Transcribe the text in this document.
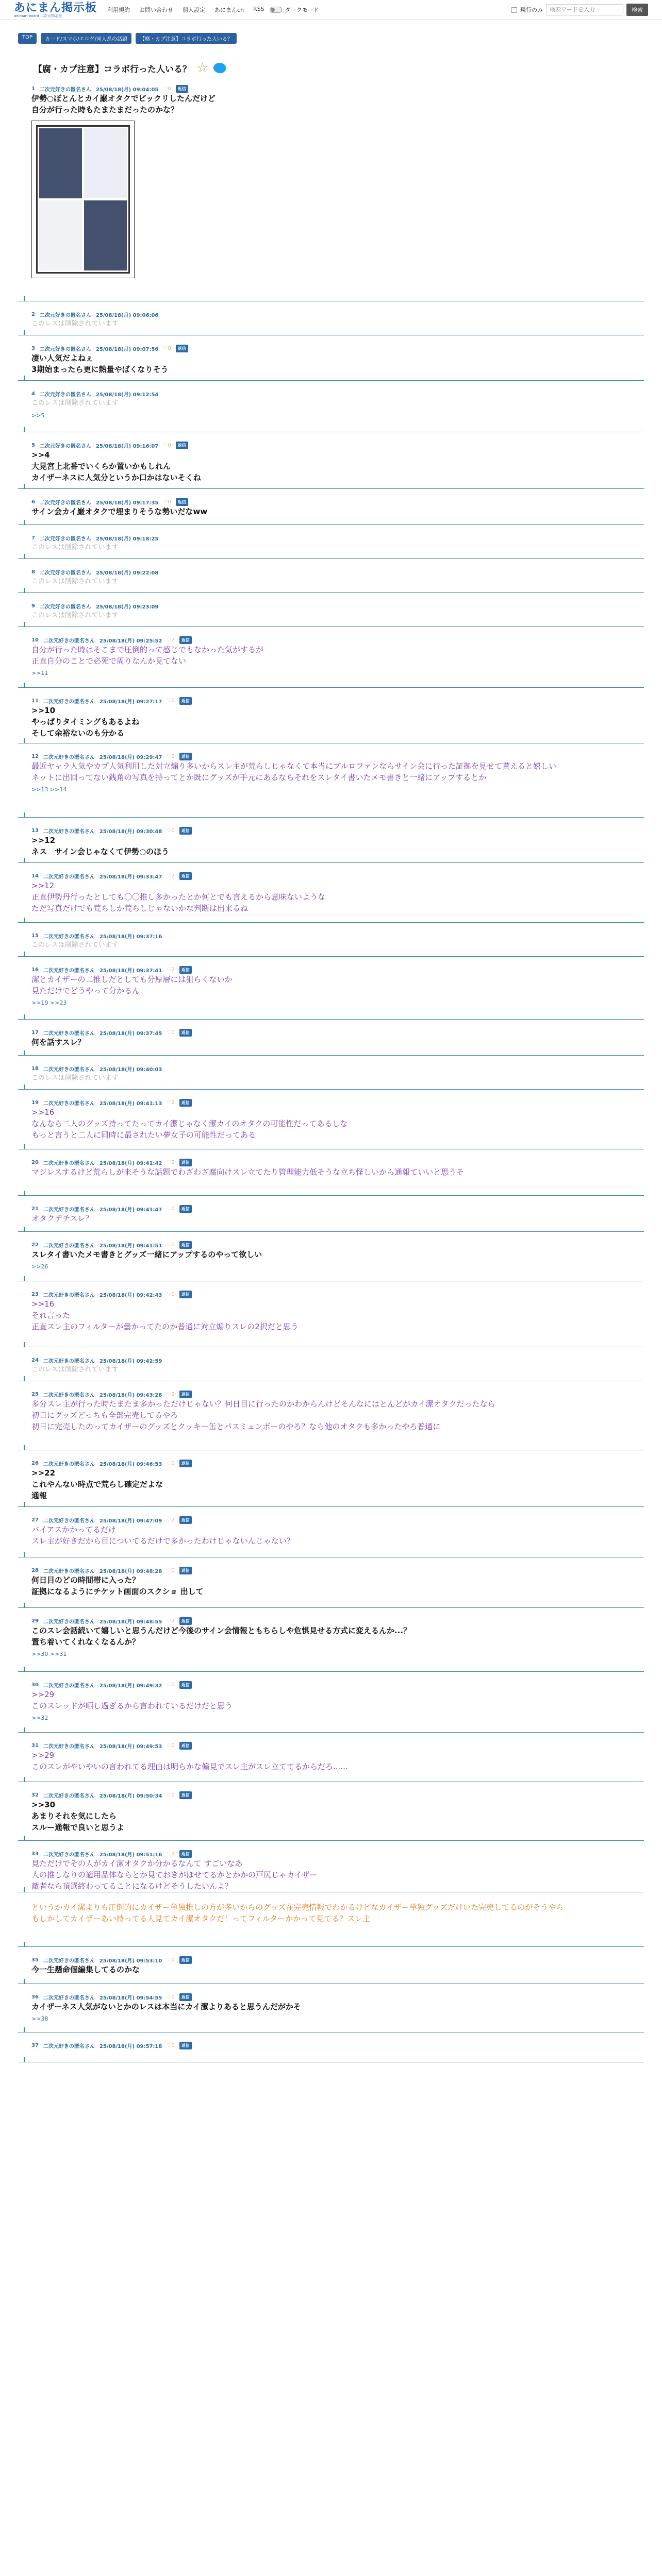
あにまん掲示板
animan-board 二次元掲示板
利用規約 お問い合わせ 個人設定 あにまんch RSS	ダークモード	現行のみ
検索ワードを入力	検索
TOP	カード/スマホ/エロゲ/同人系の話題	【腐・カプ注意】コラボ行った人いる？
【腐・カプ注意】コラボ行った人いる？ ☆
1 二次元好きの匿名さん 25/08/18(月) 09:04:05 ♡0	返信
伊勢○ぼとんとカイ巌オタクでビックリしたんだけど
自分が行った時もたまたまだったのかな？
2 二次元好きの匿名さん 25/08/18(月) 09:06:06
このレスは削除されています
3 二次元好きの匿名さん 25/08/18(月) 09:07:56 ♡0	返信
凄い人気だよねぇ
3期始まったら更に熱量やばくなりそう
4 二次元好きの匿名さん 25/08/18(月) 09:12:54
このレスは削除されています
>>5
5 二次元好きの匿名さん 25/08/18(月) 09:16:07 ♡0	返信
>>4
大晃宮上北番でいくらか置いかもしれん
カイザーネスに人気分というか口かはないそくね
6 二次元好きの匿名さん 25/08/18(月) 09:17:35 ♡0	返信
サイン会カイ巌オタクで埋まりそうな勢いだなww
7 二次元好きの匿名さん 25/08/18(月) 09:18:25
このレスは削除されています
8 二次元好きの匿名さん 25/08/18(月) 09:22:08
このレスは削除されています
9 二次元好きの匿名さん 25/08/18(月) 09:23:09
このレスは削除されています
10 二次元好きの匿名さん 25/08/18(月) 09:25:52 ♡2	返信
自分が行った時はそこまで圧倒的って感じでもなかった気がするが
正直自分のことで必死で周りなんか見てない
>>11
11 二次元好きの匿名さん 25/08/18(月) 09:27:17 ♡0	返信
>>10
やっぱりタイミングもあるよね
そして余裕ないのも分かる
12 二次元好きの匿名さん 25/08/18(月) 09:29:47 ♡2	返信
最近ヤャラ人気やカプ人気利用した対立煽り多いからスレ主が荒らしじゃなくて本当にブルロファンならサイン会に行った証拠を見せて貰えると嬉しい
ネットに出回ってない銭角の写真を持ってとか既にグッズが手元にあるならそれをスレタイ書いたメモ書きと一緒にアップするとか
>>13 >>14
13 二次元好きの匿名さん 25/08/18(月) 09:30:48 ♡0	返信
>>12
ネス　サイン会じゃなくて伊勢○のほう
14 二次元好きの匿名さん 25/08/18(月) 09:33:47 ♡2	返信
>>12
正直伊勢丹行ったとしても〇〇推し多かったとか何とでも言えるから意味ないような
ただ写真だけでも荒らしか荒らしじゃないかな判断は出来るね
15 二次元好きの匿名さん 25/08/18(月) 09:37:16
このレスは削除されています
16 二次元好きの匿名さん 25/08/18(月) 09:37:41 ♡2	返信
潔とカイザーの二推しだとしても分厚層には狙らくないか
見ただけでどうやって分かるん
>>19 >>23
17 二次元好きの匿名さん 25/08/18(月) 09:37:45 ♡0	返信
何を話すスレ？
18 二次元好きの匿名さん 25/08/18(月) 09:40:03
このレスは削除されています
19 二次元好きの匿名さん 25/08/18(月) 09:41:13 ♡2	返信
>>16
なんなら二人のグッズ持ってたってカイ潔じゃなく潔カイのオタクの可能性だってあるしな
もっと言うと二人に同時に最されたい夢女子の可能性だってある
20 二次元好きの匿名さん 25/08/18(月) 09:41:42 ♡2	返信
マジレスするけど荒らしが来そうな話題でわざわざ腐向けスレ立てたり管理能力低そうな立ち怪しいから通報ていいと思うそ
21 二次元好きの匿名さん 25/08/18(月) 09:41:47 ♡0	返信
オタクデチスレ？
22 二次元好きの匿名さん 25/08/18(月) 09:41:51 ♡0	返信
スレタイ書いたメモ書きとグッズ一緒にアップするのやって欲しい
>>26
23 二次元好きの匿名さん 25/08/18(月) 09:42:43 ♡0	返信
>>16
それ言った
正直スレ主のフィルターが曇かってたのか普通に対立煽りスレの2択だと思う
24 二次元好きの匿名さん 25/08/18(月) 09:42:59
このレスは削除されています
25 二次元好きの匿名さん 25/08/18(月) 09:43:28 ♡2	返信
多分スレ主が行った時たまたま多かっただけじゃない？何日目に行ったのかわからんけどそんなにはとんどがカイ潔オタクだったなら
初日にグッズどっちも全部完売してるやろ
初日に完売したのってカイザーのグッズとクッキー缶とパスミュンボーのやろ？なら他のオタクも多かったやろ普通に
26 二次元好きの匿名さん 25/08/18(月) 09:46:53 ♡0	返信
>>22
これやんない時点で荒らし確定だよな
通報
27 二次元好きの匿名さん 25/08/18(月) 09:47:09 ♡2	返信
バイアスかかってるだけ
スレ主が好きだから目についてるだけで多かったわけじゃないんじゃない？
28 二次元好きの匿名さん 25/08/18(月) 09:48:28 ♡0	返信
何日目のどの時間帯に入った？
証拠になるようにチケット画面のスクショ 出して
29 二次元好きの匿名さん 25/08/18(月) 09:48:55 ♡2	返信
このスレ会話続いて嬉しいと思うんだけど今後のサイン会情報ともちらしや危惧見せる方式に変えるんか...？
置ち着いてくれなくなるんか？
>>30 >>31
30 二次元好きの匿名さん 25/08/18(月) 09:49:32 ♡0	返信
>>29
このスレッドが晒し過ぎるから言われているだけだと思う
>>32
31 二次元好きの匿名さん 25/08/18(月) 09:49:53 ♡0	返信
>>29
このスレがやいやいの言われてる理由は明らかな偏見でスレ主がスレ立ててるからだろ......
32 二次元好きの匿名さん 25/08/18(月) 09:50:34 ♡0	返信
>>30
あまりそれを気にしたら
スルー通報で良いと思うよ
33 二次元好きの匿名さん 25/08/18(月) 09:51:16 ♡2	返信
見ただけでその人がカイ潔オタクか分かるなんて すごいなあ
人の推しなりの適用品体ならとか見ておきがほせてるかとかかの戸尻じゃカイザー
敵者なら頂選終わってることになるけどそうしたいんよ？
というかカイ潔よりも圧倒的にカイザー単独推しの方が多いからのグッズ在完売情報でわかるけどなカイザー単独グッズだけいた完売してるのがそうやら
もしかしてカイザーあい持ってる人見てカイ潔オタクだ！ってフィルターかかって見てる？スレ主
35 二次元好きの匿名さん 25/08/18(月) 09:53:10 ♡0	返信
今一生懸命個編集してるのかな
36 二次元好きの匿名さん 25/08/18(月) 09:54:55 ♡0	返信
カイザーネス人気がないとかのレスは本当にカイ潔よりあると思うんだがかそ
>>38
37 二次元好きの匿名さん 25/08/18(月) 09:57:18 ♡0	返信
